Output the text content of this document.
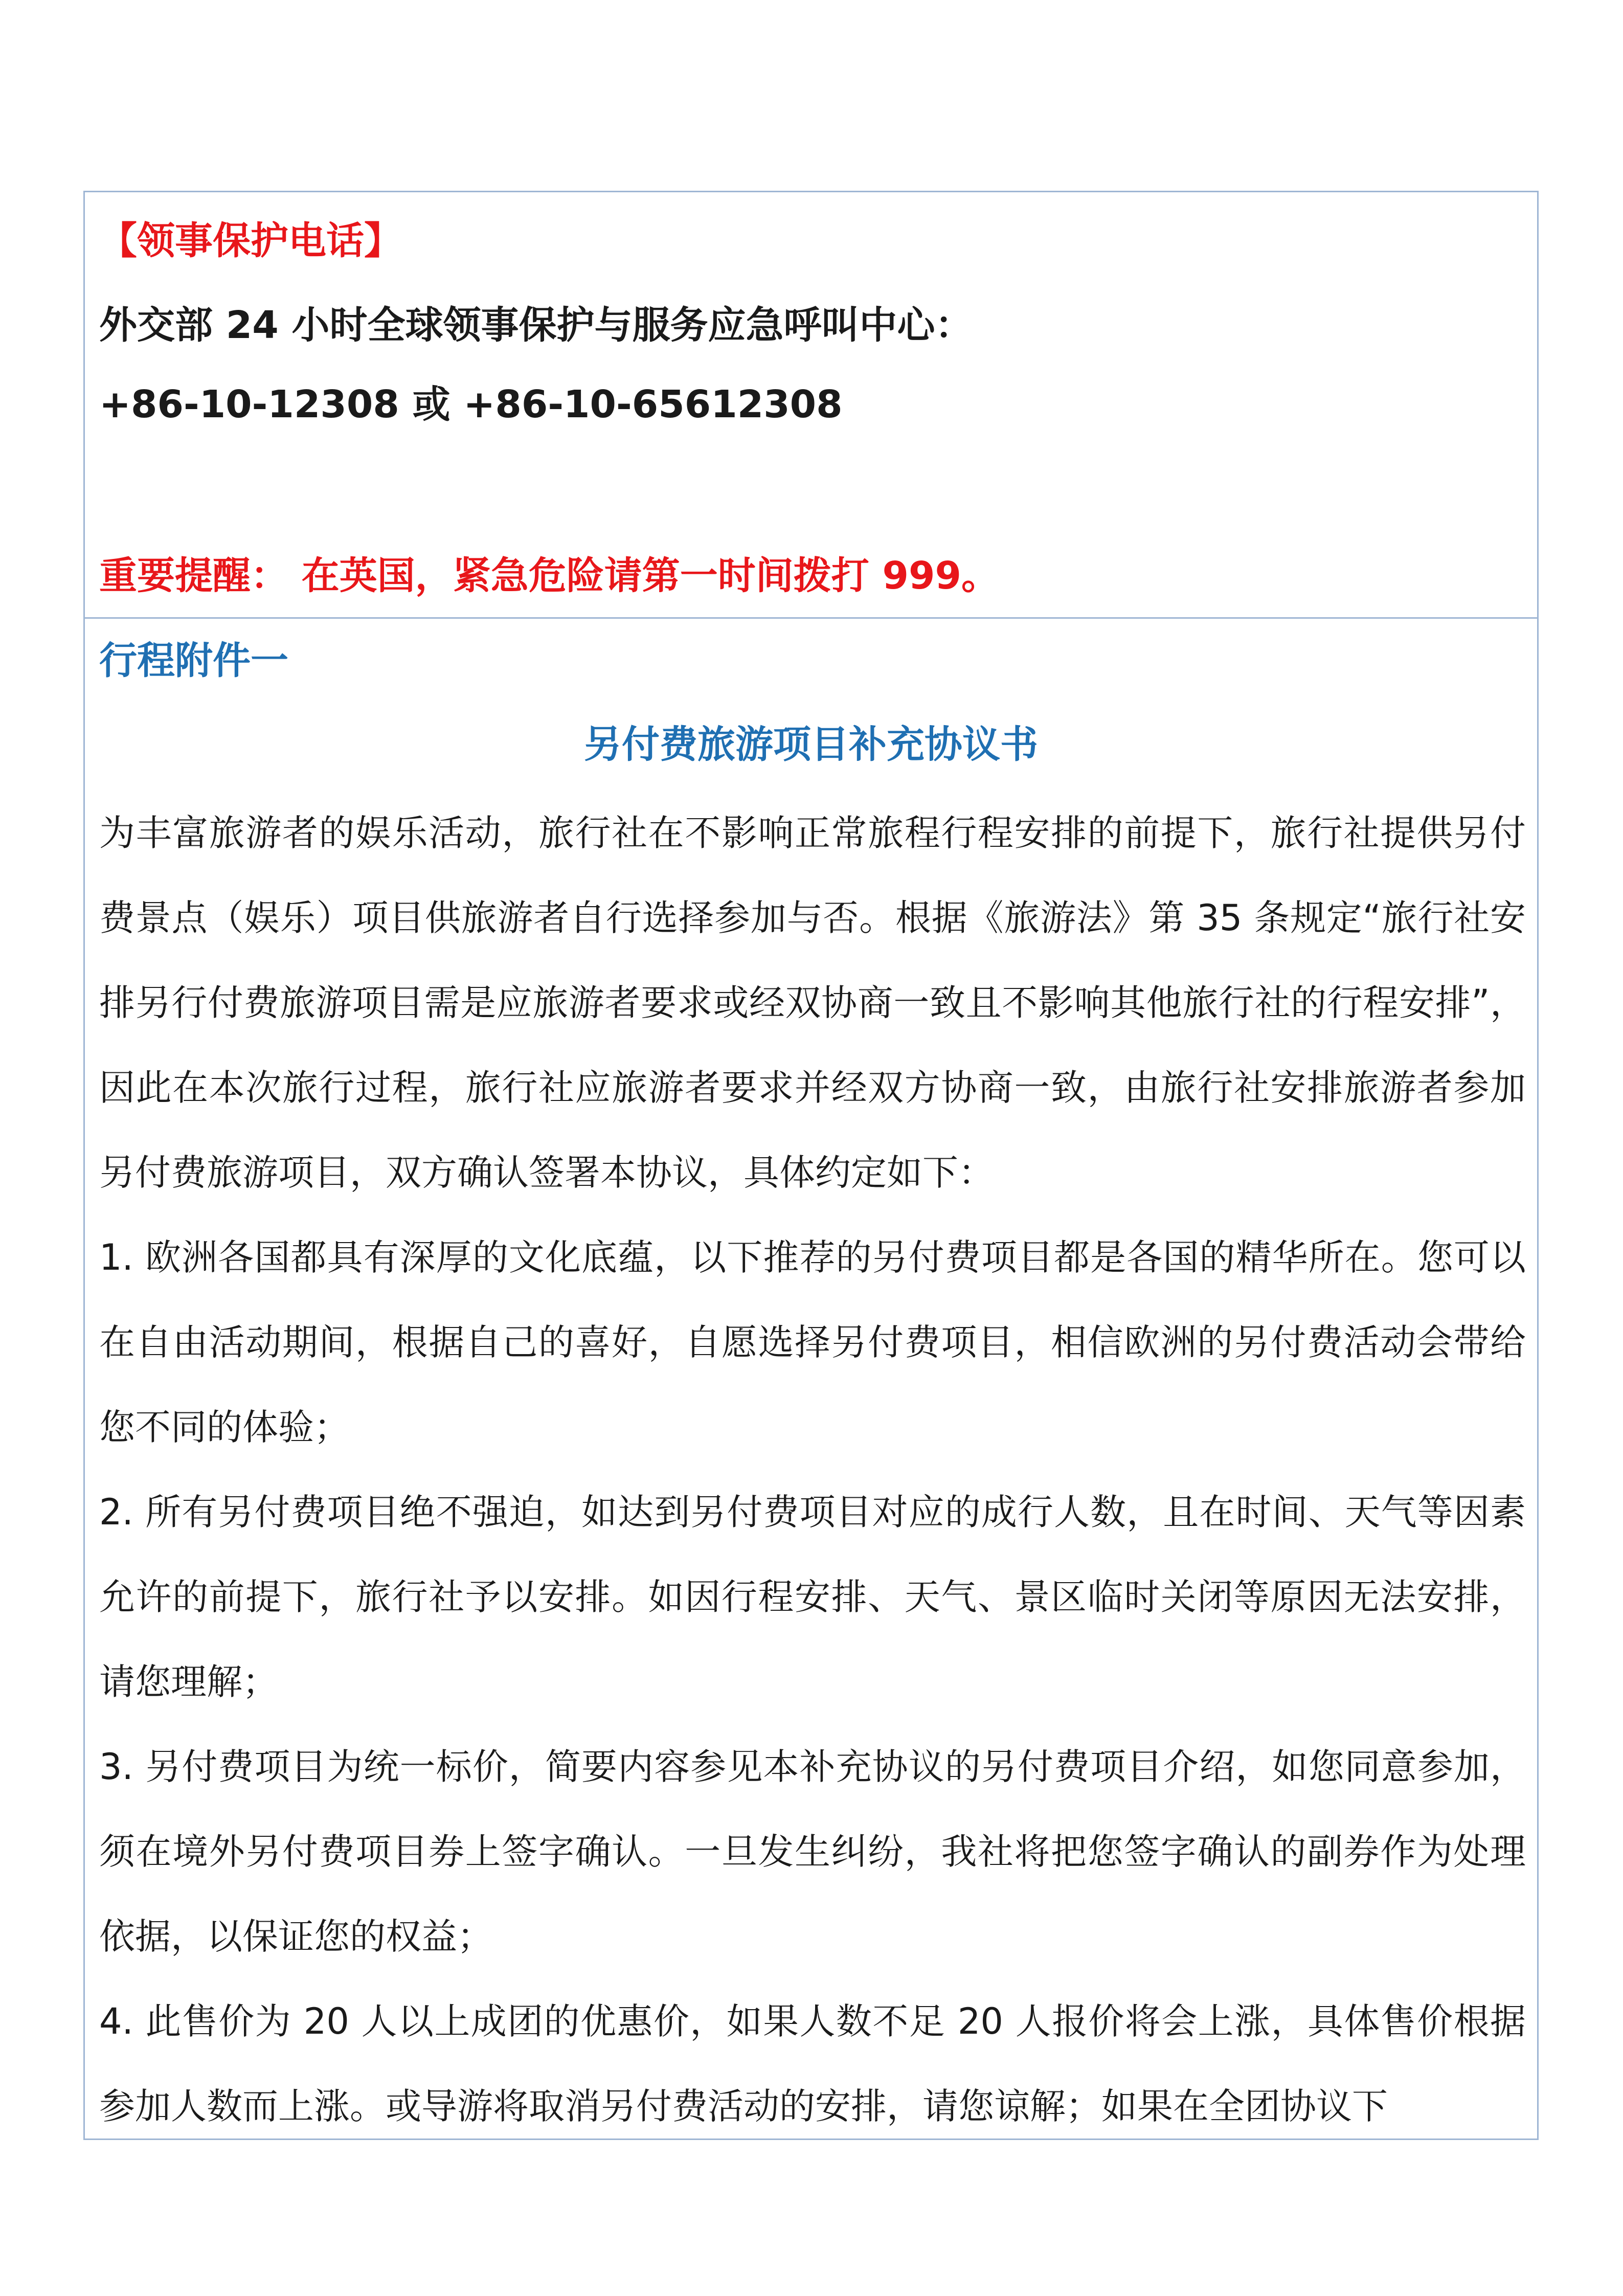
【领事保护电话】
外交部 24 小时全球领事保护与服务应急呼叫中心：
+86-10-12308 或 +86-10-65612308
重要提醒： 在英国，紧急危险请第一时间拨打 999。
行程附件一
另付费旅游项目补充协议书

为丰富旅游者的娱乐活动，旅行社在不影响正常旅程行程安排的前提下，旅行社提供另付费景点（娱乐）项目供旅游者自行选择参加与否。根据《旅游法》第 35 条规定“旅行社安排另行付费旅游项目需是应旅游者要求或经双协商一致且不影响其他旅行社的行程安排”，因此在本次旅行过程，旅行社应旅游者要求并经双方协商一致，由旅行社安排旅游者参加另付费旅游项目，双方确认签署本协议，具体约定如下：

1. 欧洲各国都具有深厚的文化底蕴，以下推荐的另付费项目都是各国的精华所在。您可以在自由活动期间，根据自己的喜好，自愿选择另付费项目，相信欧洲的另付费活动会带给您不同的体验；

2. 所有另付费项目绝不强迫，如达到另付费项目对应的成行人数，且在时间、天气等因素允许的前提下，旅行社予以安排。如因行程安排、天气、景区临时关闭等原因无法安排，请您理解；

3. 另付费项目为统一标价，简要内容参见本补充协议的另付费项目介绍，如您同意参加，须在境外另付费项目券上签字确认。一旦发生纠纷，我社将把您签字确认的副券作为处理依据，以保证您的权益；

4. 此售价为 20 人以上成团的优惠价，如果人数不足 20 人报价将会上涨，具体售价根据参加人数而上涨。或导游将取消另付费活动的安排，请您谅解；如果在全团协议下
